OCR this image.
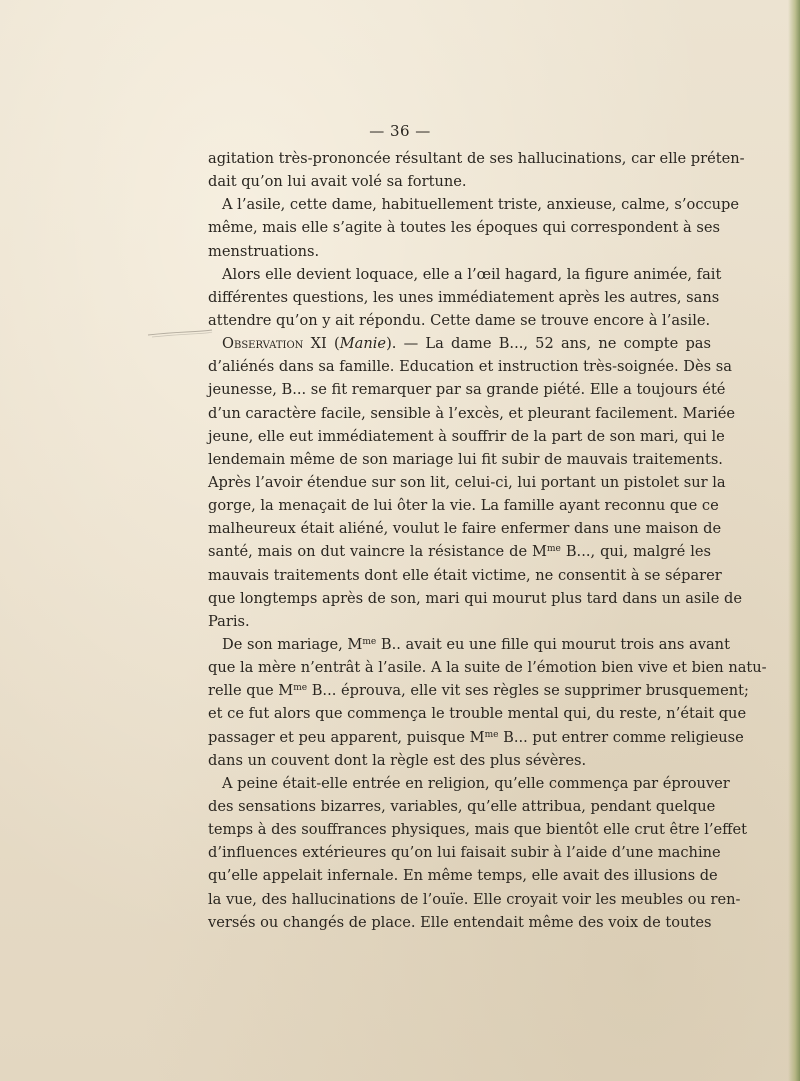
— 36 —
agitation très-prononcée résultant de ses hallucinations, car elle préten-
dait qu’on lui avait volé sa fortune.
A l’asile, cette dame, habituellement triste, anxieuse, calme, s’occupe
même, mais elle s’agite à toutes les époques qui correspondent à ses
menstruations.
Alors elle devient loquace, elle a l’œil hagard, la figure animée, fait
différentes questions, les unes immédiatement après les autres, sans
attendre qu’on y ait répondu. Cette dame se trouve encore à l’asile.
Observation XI (Manie). — La dame B..., 52 ans, ne compte pas
d’aliénés dans sa famille. Education et instruction très-soignée. Dès sa
jeunesse, B... se fit remarquer par sa grande piété. Elle a toujours été
d’un caractère facile, sensible à l’excès, et pleurant facilement. Mariée
jeune, elle eut immédiatement à souffrir de la part de son mari, qui le
lendemain même de son mariage lui fit subir de mauvais traitements.
Après l’avoir étendue sur son lit, celui-ci, lui portant un pistolet sur la
gorge, la menaçait de lui ôter la vie. La famille ayant reconnu que ce
malheureux était aliéné, voulut le faire enfermer dans une maison de
santé, mais on dut vaincre la résistance de $M^{me}$ B..., qui, malgré les
mauvais traitements dont elle était victime, ne consentit à se séparer
que longtemps après de son, mari qui mourut plus tard dans un asile de
Paris.
De son mariage, $M^{me}$ B.. avait eu une fille qui mourut trois ans avant
que la mère n’entrât à l’asile. A la suite de l’émotion bien vive et bien natu-
relle que $M^{me}$ B... éprouva, elle vit ses règles se supprimer brusquement;
et ce fut alors que commença le trouble mental qui, du reste, n’était que
passager et peu apparent, puisque $M^{me}$ B... put entrer comme religieuse
dans un couvent dont la règle est des plus sévères.
A peine était-elle entrée en religion, qu’elle commença par éprouver
des sensations bizarres, variables, qu’elle attribua, pendant quelque
temps à des souffrances physiques, mais que bientôt elle crut être l’effet
d’influences extérieures qu’on lui faisait subir à l’aide d’une machine
qu’elle appelait infernale. En même temps, elle avait des illusions de
la vue, des hallucinations de l’ouïe. Elle croyait voir les meubles ou ren-
versés ou changés de place. Elle entendait même des voix de toutes
